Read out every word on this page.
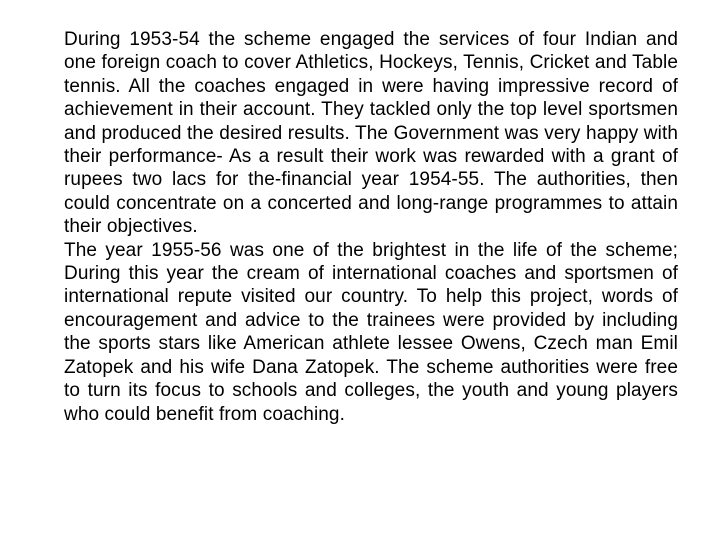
During 1953-54 the scheme engaged the services of four Indian and one foreign coach to cover Athletics, Hockeys, Tennis, Cricket and Table tennis. All the coaches engaged in were having impressive record of achievement in their account. They tackled only the top level sportsmen and produced the desired results. The Government was very happy with their performance- As a result their work was rewarded with a grant of rupees two lacs for the-financial year 1954-55. The authorities, then could concentrate on a concerted and long-range programmes to attain their objectives.

The year 1955-56 was one of the brightest in the life of the scheme; During this year the cream of international coaches and sportsmen of international repute visited our country. To help this project, words of encouragement and advice to the trainees were provided by including the sports stars like American athlete lessee Owens, Czech man Emil Zatopek and his wife Dana Zatopek. The scheme authorities were free to turn its focus to schools and colleges, the youth and young players who could benefit from coaching.
